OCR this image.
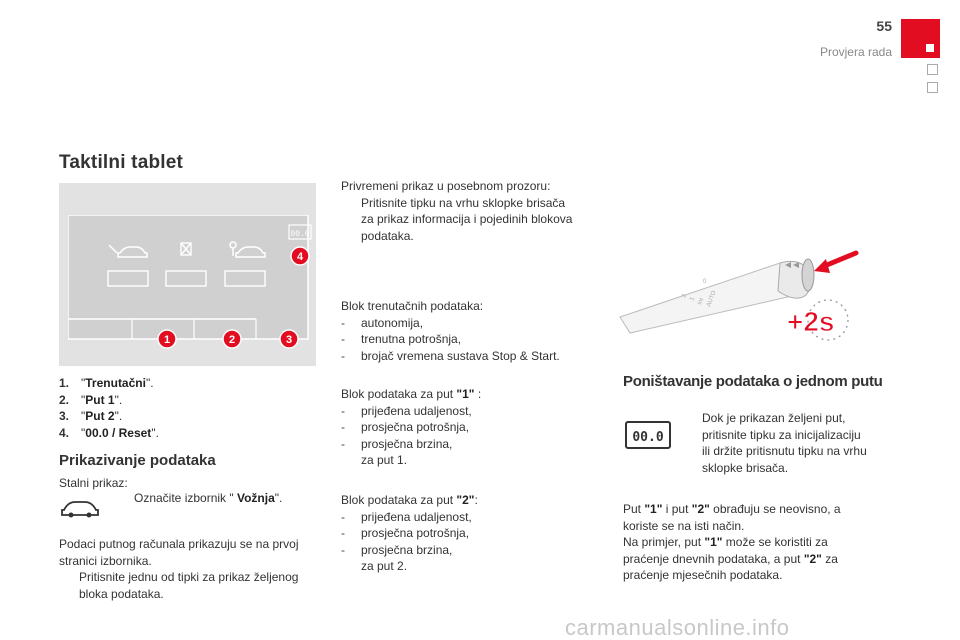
55
Provjera rada
Taktilni tablet
00.0
1	2	3
4
1. " Trenutačni ".
2. " Put 1 ".
3. " Put 2 ".
4. " 00.0 / Reset ".
Prikazivanje podataka
Stalni prikaz:
Označite izbornik " Vožnja".
Podaci putnog računala prikazuju se na prvoj
stranici izbornika.
Pritisnite jednu od tipki za prikaz željenog
bloka podataka.
Privremeni prikaz u posebnom prozoru:
Pritisnite tipku na vrhu sklopke brisača
za prikaz informacija i pojedinih blokova
podataka.
Blok trenutačnih podataka:
-	autonomija,
-	trenutna potrošnja,
-	brojač vremena sustava Stop & Start.
Blok podataka za put "1" :
-	prijeđena udaljenost,
-	prosječna potrošnja,
-	prosječna brzina,
za put 1.
Blok podataka za put "2":
-	prijeđena udaljenost,
-	prosječna potrošnja,
-	prosječna brzina,
za put 2.
0
AUTO
Int
1
2
+2s
Poništavanje podataka o jednom putu
00.0
Dok je prikazan željeni put,
pritisnite tipku za inicijalizaciju
ili držite pritisnutu tipku na vrhu
sklopke brisača.
Put "1" i put "2" obrađuju se neovisno, a
koriste se na isti način.
Na primjer, put "1" može se koristiti za
praćenje dnevnih podataka, a put "2" za
praćenje mjesečnih podataka.
carmanualsonline.info
